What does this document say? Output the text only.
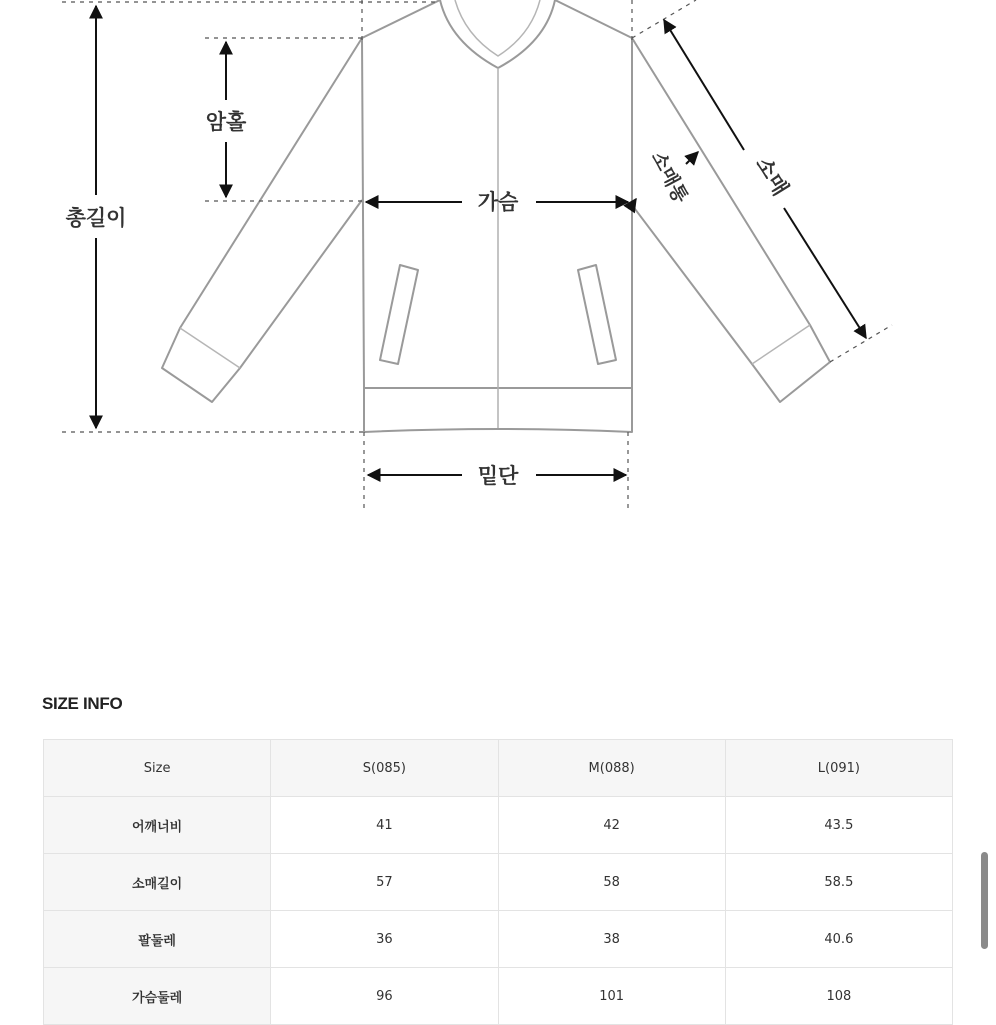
총길이
암홀
가슴
밑단
소매통	소매
SIZE INFO
Size	S(085)	M(088)	L(091)
어깨너비	41	42	43.5
소매길이	57	58	58.5
팔둘레	36	38	40.6
가슴둘레	96	101	108
